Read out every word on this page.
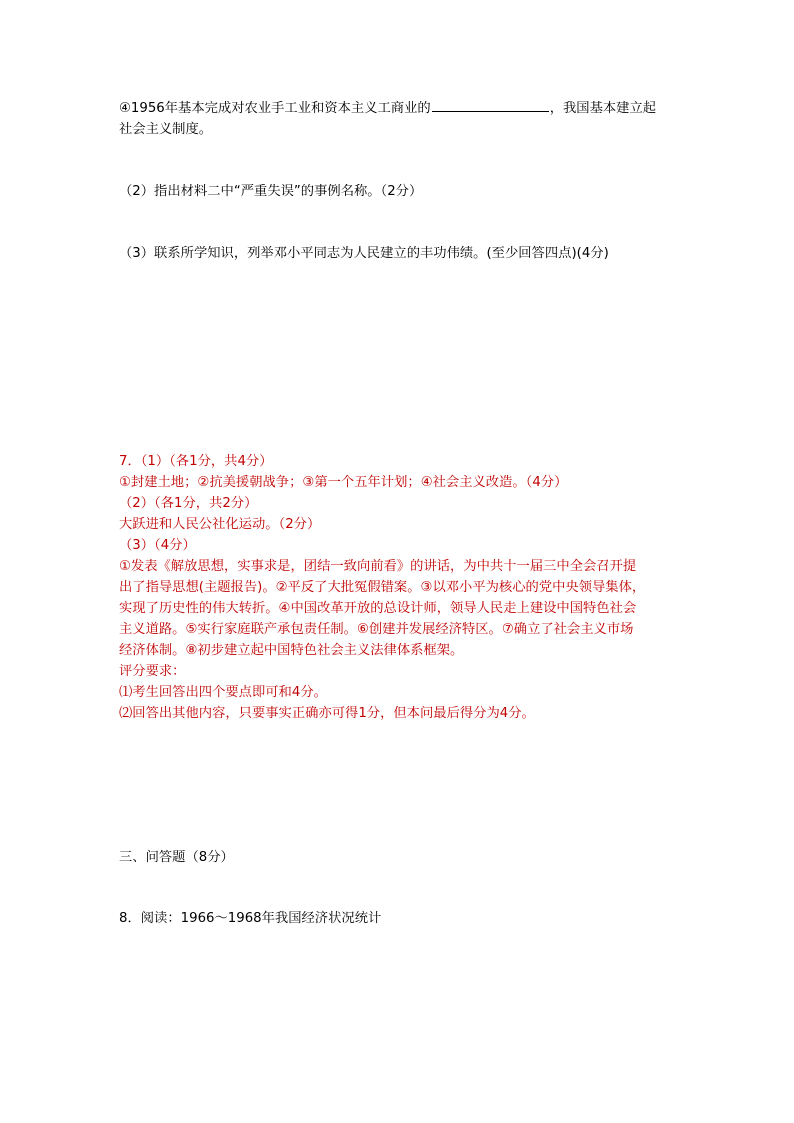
④1956年基本完成对农业手工业和资本主义工商业的	，我国基本建立起
社会主义制度。
（2）指出材料二中“严重失误”的事例名称。（2分）
（3）联系所学知识，列举邓小平同志为人民建立的丰功伟绩。(至少回答四点)(4分)
7．（1）（各1分，共4分）
①封建土地；②抗美援朝战争；③第一个五年计划；④社会主义改造。（4分）
（2）（各1分，共2分）
大跃进和人民公社化运动。（2分）
（3）（4分）
①发表《解放思想，实事求是，团结一致向前看》的讲话，为中共十一届三中全会召开提
出了指导思想(主题报告)。②平反了大批冤假错案。③以邓小平为核心的党中央领导集体，
实现了历史性的伟大转折。④中国改革开放的总设计师，领导人民走上建设中国特色社会
主义道路。⑤实行家庭联产承包责任制。⑥创建并发展经济特区。⑦确立了社会主义市场
经济体制。⑧初步建立起中国特色社会主义法律体系框架。
评分要求：
⑴考生回答出四个要点即可和4分。
⑵回答出其他内容，只要事实正确亦可得1分，但本问最后得分为4分。
三、问答题（8分）
8．阅读：1966～1968年我国经济状况统计
